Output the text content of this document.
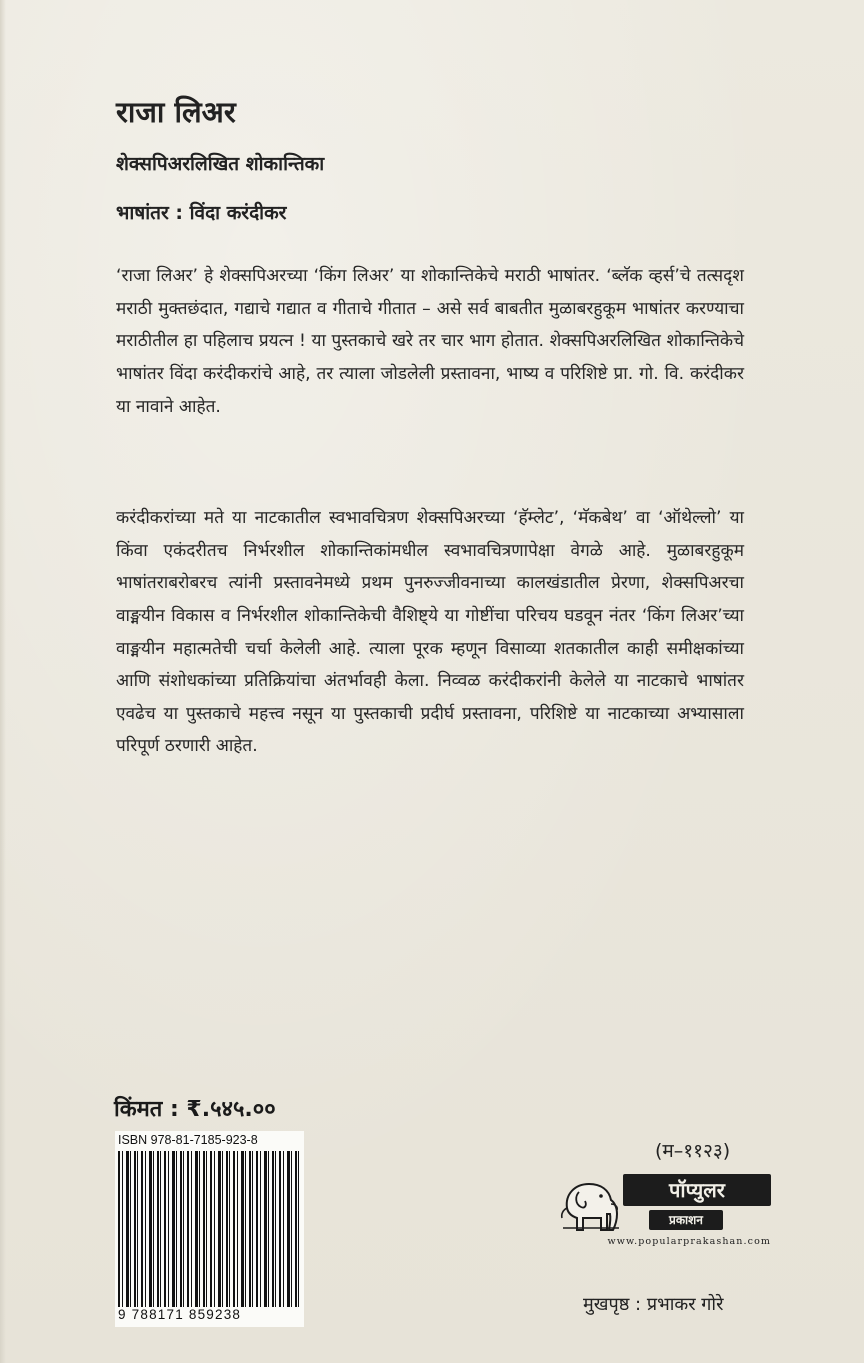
राजा लिअर

शेक्सपिअरलिखित शोकान्तिका

भाषांतर : विंदा करंदीकर

‘राजा लिअर’ हे शेक्सपिअरच्या ‘किंग लिअर’ या शोकान्तिकेचे मराठी भाषांतर. ‘ब्लॅक व्हर्स’चे तत्सदृश मराठी मुक्तछंदात, गद्याचे गद्यात व गीताचे गीतात – असे सर्व बाबतीत मुळाबरहुकूम भाषांतर करण्याचा मराठीतील हा पहिलाच प्रयत्न ! या पुस्तकाचे खरे तर चार भाग होतात. शेक्सपिअरलिखित शोकान्तिकेचे भाषांतर विंदा करंदीकरांचे आहे, तर त्याला जोडलेली प्रस्तावना, भाष्य व परिशिष्टे प्रा. गो. वि. करंदीकर या नावाने आहेत.

करंदीकरांच्या मते या नाटकातील स्वभावचित्रण शेक्सपिअरच्या ‘हॅम्लेट’, ‘मॅकबेथ’ वा ‘ऑथेल्लो’ या किंवा एकंदरीतच निर्भरशील शोकान्तिकांमधील स्वभावचित्रणापेक्षा वेगळे आहे. मुळाबरहुकूम भाषांतराबरोबरच त्यांनी प्रस्तावनेमध्ये प्रथम पुनरुज्जीवनाच्या कालखंडातील प्रेरणा, शेक्सपिअरचा वाङ्मयीन विकास व निर्भरशील शोकान्तिकेची वैशिष्ट्ये या गोष्टींचा परिचय घडवून नंतर ‘किंग लिअर’च्या वाङ्मयीन महात्मतेची चर्चा केलेली आहे. त्याला पूरक म्हणून विसाव्या शतकातील काही समीक्षकांच्या आणि संशोधकांच्या प्रतिक्रियांचा अंतर्भावही केला. निव्वळ करंदीकरांनी केलेले या नाटकाचे भाषांतर एवढेच या पुस्तकाचे महत्त्व नसून या पुस्तकाची प्रदीर्घ प्रस्तावना, परिशिष्टे या नाटकाच्या अभ्यासाला परिपूर्ण ठरणारी आहेत.

किंमत : ₹.५४५.००
ISBN 978-81-7185-923-8
9 788171 859238
(म–११२३)
पॉप्युलर
प्रकाशन
www.popularprakashan.com
मुखपृष्ठ : प्रभाकर गोरे
